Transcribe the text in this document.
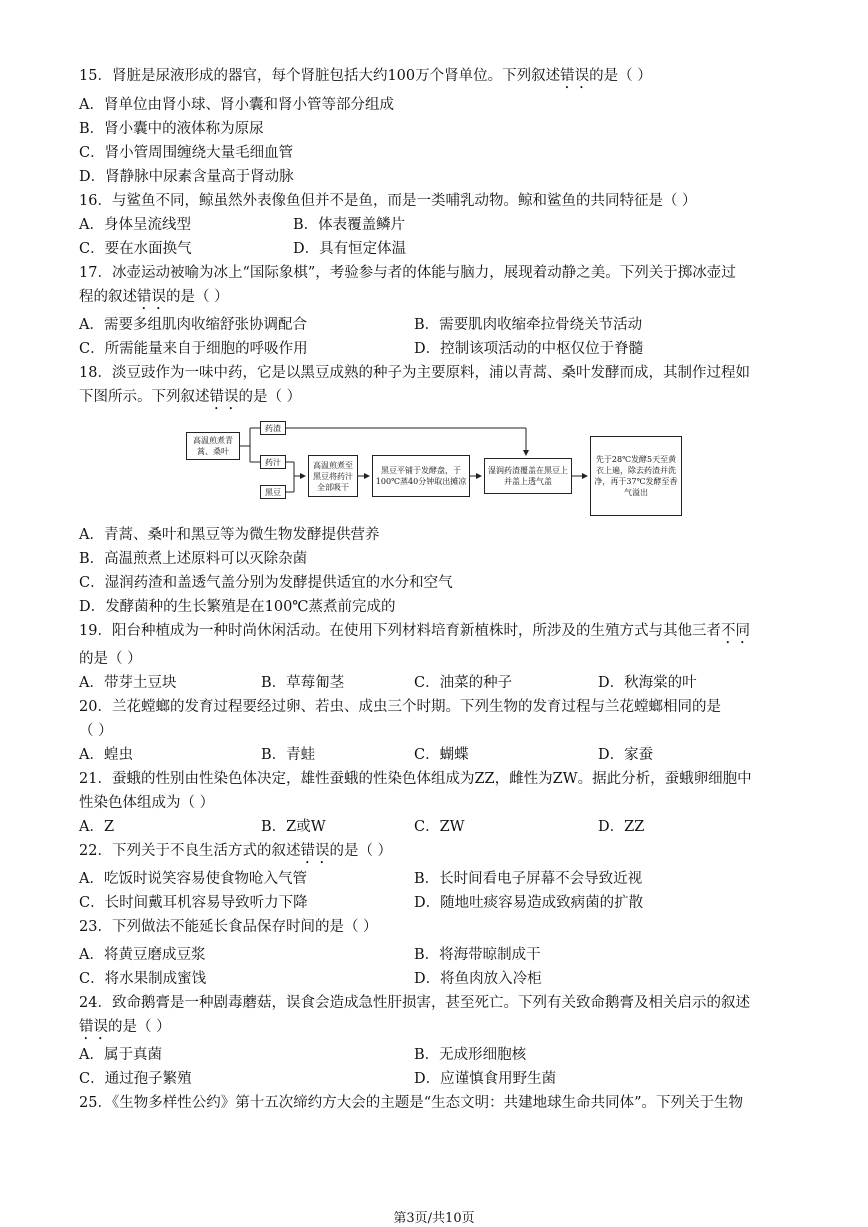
15．肾脏是尿液形成的器官，每个肾脏包括大约100万个肾单位。下列叙述错误的是（ ）
A．肾单位由肾小球、肾小囊和肾小管等部分组成
B．肾小囊中的液体称为原尿
C．肾小管周围缠绕大量毛细血管
D．肾静脉中尿素含量高于肾动脉
16．与鲨鱼不同，鲸虽然外表像鱼但并不是鱼，而是一类哺乳动物。鲸和鲨鱼的共同特征是（ ）
A．身体呈流线型	B．体表覆盖鳞片
C．要在水面换气	D．具有恒定体温
17．冰壶运动被喻为冰上“国际象棋”，考验参与者的体能与脑力，展现着动静之美。下列关于掷冰壶过
程的叙述错误的是（ ）
A．需要多组肌肉收缩舒张协调配合	B．需要肌肉收缩牵拉骨绕关节活动
C．所需能量来自于细胞的呼吸作用	D．控制该项活动的中枢仅位于脊髓
18．淡豆豉作为一味中药，它是以黑豆成熟的种子为主要原料，浦以青蒿、桑叶发酵而成，其制作过程如
下图所示。下列叙述错误的是（ ）
高温煎煮青蒿、桑叶
药渣
药汁
黑豆
高温煎煮至黑豆将药汁全部吸干
黑豆平铺于发酵盘，于100℃蒸40分钟取出摊凉
湿润药渣覆盖在黑豆上并盖上透气盖
先于28℃发酵5天至黄衣上遍，除去药渣并洗净，再于37℃发酵至香气溢出
A．青蒿、桑叶和黑豆等为微生物发酵提供营养
B．高温煎煮上述原料可以灭除杂菌
C．湿润药渣和盖透气盖分别为发酵提供适宜的水分和空气
D．发酵菌种的生长繁殖是在100℃蒸煮前完成的
19．阳台种植成为一种时尚休闲活动。在使用下列材料培育新植株时，所涉及的生殖方式与其他三者不同
的是（ ）
A．带芽土豆块	B．草莓匍茎	C．油菜的种子	D．秋海棠的叶
20．兰花螳螂的发育过程要经过卵、若虫、成虫三个时期。下列生物的发育过程与兰花螳螂相同的是
（ ）
A．蝗虫	B．青蛙	C．蝴蝶	D．家蚕
21．蚕蛾的性别由性染色体决定，雄性蚕蛾的性染色体组成为ZZ，雌性为ZW。据此分析，蚕蛾卵细胞中
性染色体组成为（ ）
A．Z	B．Z或W	C．ZW	D．ZZ
22．下列关于不良生活方式的叙述错误的是（ ）
A．吃饭时说笑容易使食物呛入气管	B．长时间看电子屏幕不会导致近视
C．长时间戴耳机容易导致听力下降	D．随地吐痰容易造成致病菌的扩散
23．下列做法不能延长食品保存时间的是（ ）
A．将黄豆磨成豆浆	B．将海带晾制成干
C．将水果制成蜜饯	D．将鱼肉放入冷柜
24．致命鹅膏是一种剧毒蘑菇，误食会造成急性肝损害，甚至死亡。下列有关致命鹅膏及相关启示的叙述
错误的是（ ）
A．属于真菌	B．无成形细胞核
C．通过孢子繁殖	D．应谨慎食用野生菌
25．《生物多样性公约》第十五次缔约方大会的主题是“生态文明：共建地球生命共同体”。下列关于生物
第3页/共10页
